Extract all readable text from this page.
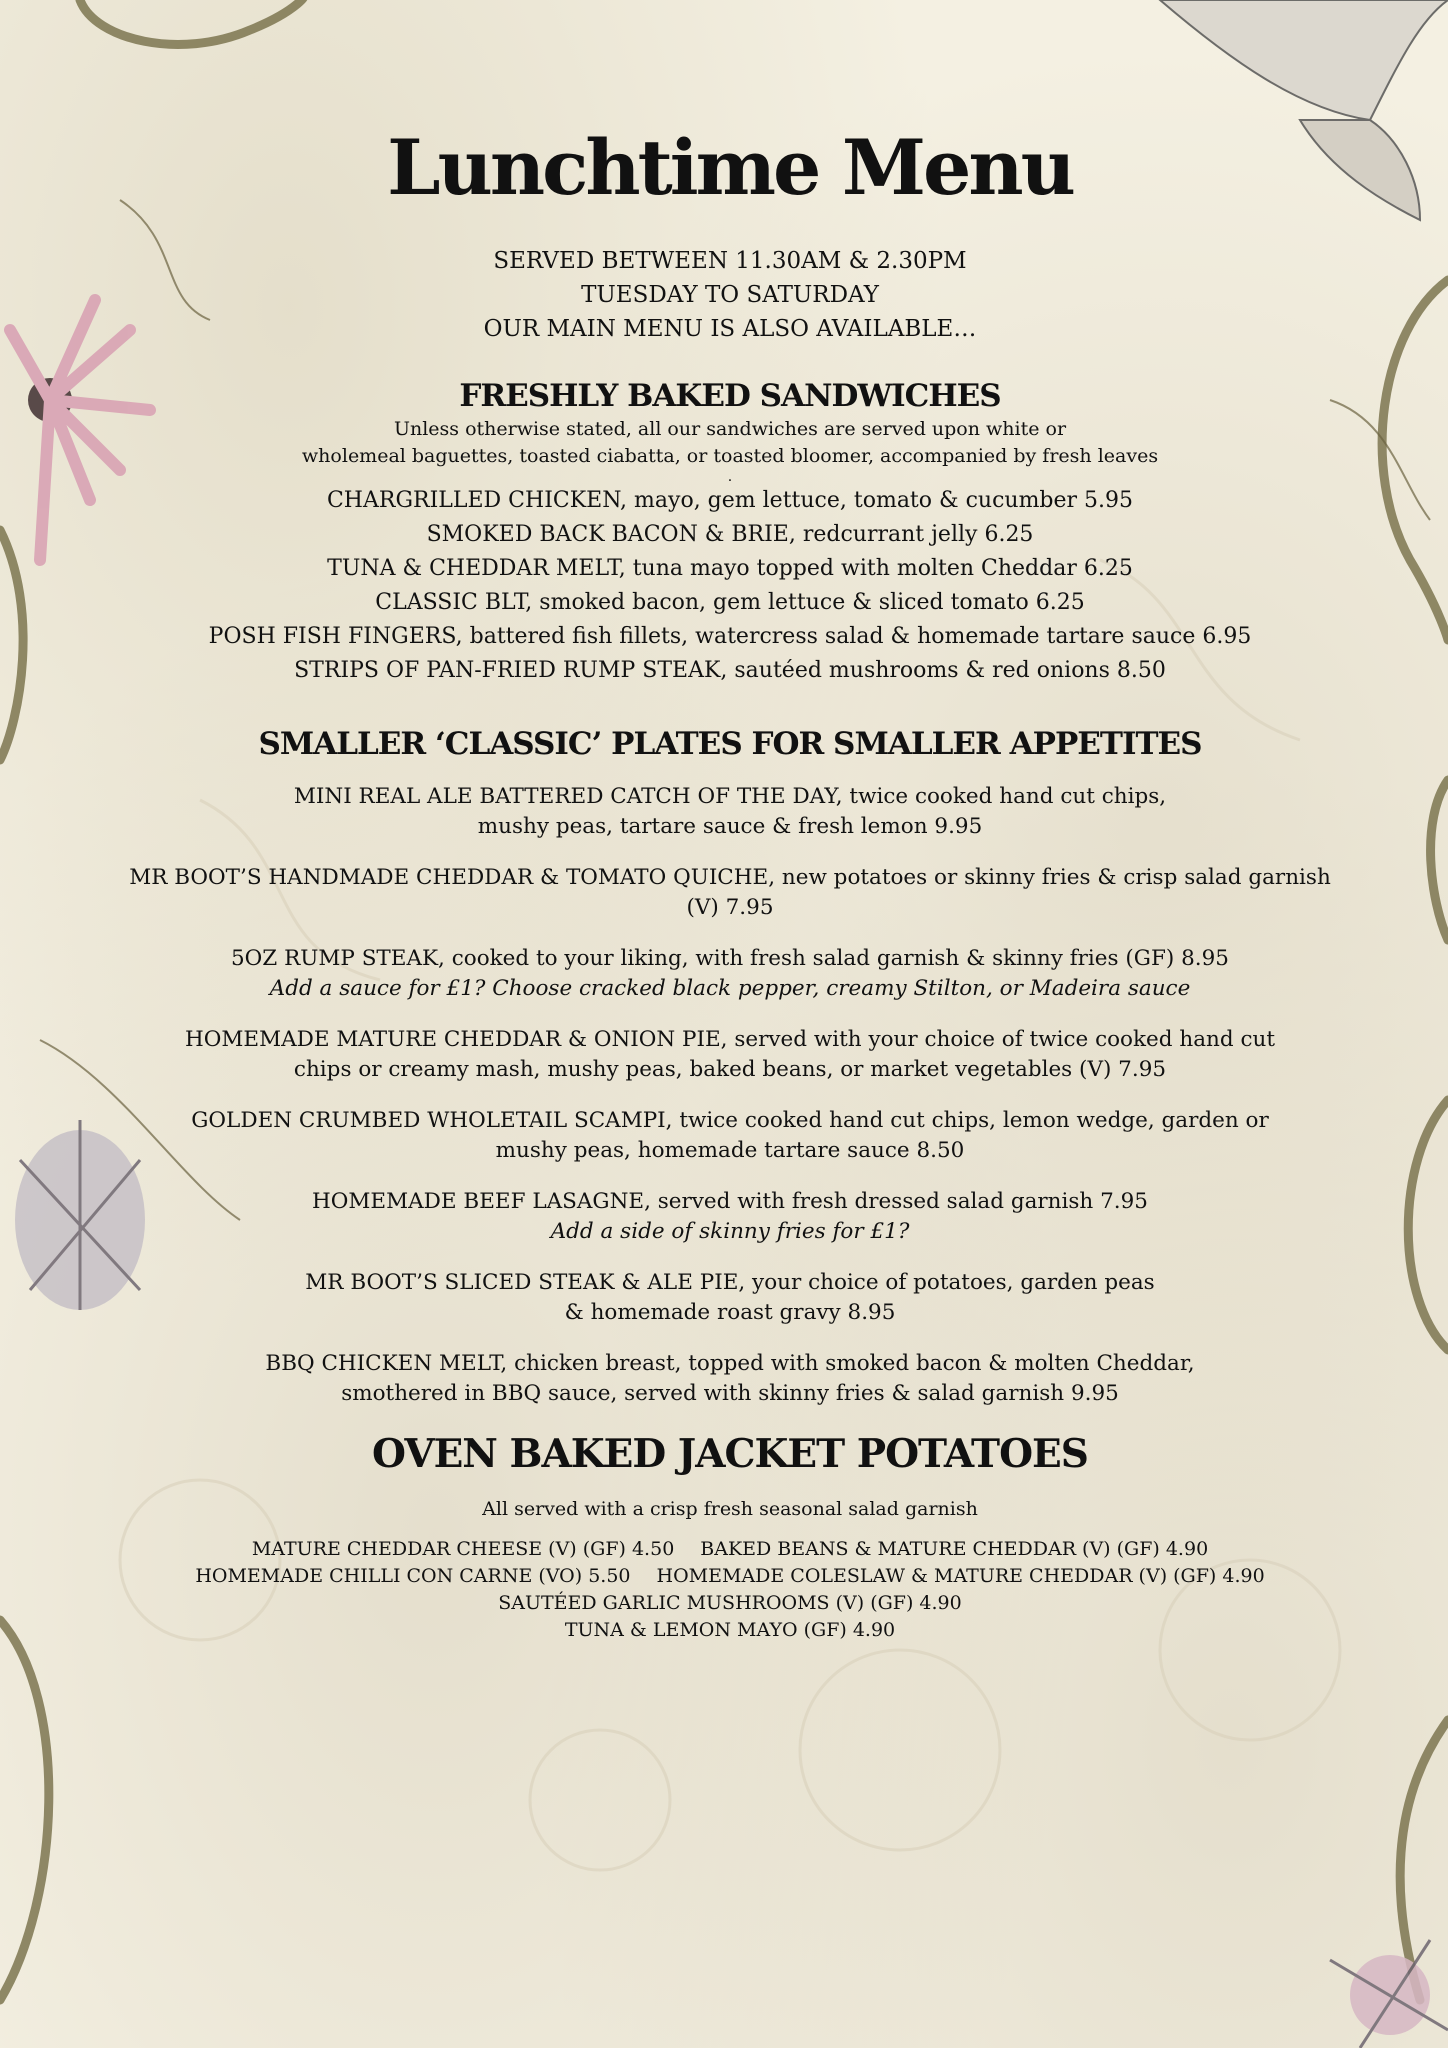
Lunchtime Menu
SERVED BETWEEN 11.30AM & 2.30PM
TUESDAY TO SATURDAY
OUR MAIN MENU IS ALSO AVAILABLE…
FRESHLY BAKED SANDWICHES
Unless otherwise stated, all our sandwiches are served upon white or
wholemeal baguettes, toasted ciabatta, or toasted bloomer, accompanied by fresh leaves
.
CHARGRILLED CHICKEN, mayo, gem lettuce, tomato & cucumber 5.95
SMOKED BACK BACON & BRIE, redcurrant jelly 6.25
TUNA & CHEDDAR MELT, tuna mayo topped with molten Cheddar 6.25
CLASSIC BLT, smoked bacon, gem lettuce & sliced tomato 6.25
POSH FISH FINGERS, battered fish fillets, watercress salad & homemade tartare sauce 6.95
STRIPS OF PAN-FRIED RUMP STEAK, sautéed mushrooms & red onions 8.50
SMALLER ‘CLASSIC’ PLATES FOR SMALLER APPETITES
MINI REAL ALE BATTERED CATCH OF THE DAY, twice cooked hand cut chips,
mushy peas, tartare sauce & fresh lemon 9.95
MR BOOT’S HANDMADE CHEDDAR & TOMATO QUICHE, new potatoes or skinny fries & crisp salad garnish (V) 7.95
5OZ RUMP STEAK, cooked to your liking, with fresh salad garnish & skinny fries (GF) 8.95
Add a sauce for £1? Choose cracked black pepper, creamy Stilton, or Madeira sauce
HOMEMADE MATURE CHEDDAR & ONION PIE, served with your choice of twice cooked hand cut
chips or creamy mash, mushy peas, baked beans, or market vegetables (V) 7.95
GOLDEN CRUMBED WHOLETAIL SCAMPI, twice cooked hand cut chips, lemon wedge, garden or
mushy peas, homemade tartare sauce 8.50
HOMEMADE BEEF LASAGNE, served with fresh dressed salad garnish 7.95
Add a side of skinny fries for £1?
MR BOOT’S SLICED STEAK & ALE PIE, your choice of potatoes, garden peas
& homemade roast gravy 8.95
BBQ CHICKEN MELT, chicken breast, topped with smoked bacon & molten Cheddar,
smothered in BBQ sauce, served with skinny fries & salad garnish 9.95
OVEN BAKED JACKET POTATOES
All served with a crisp fresh seasonal salad garnish
MATURE CHEDDAR CHEESE (V) (GF) 4.50 BAKED BEANS & MATURE CHEDDAR (V) (GF) 4.90
HOMEMADE CHILLI CON CARNE (VO) 5.50 HOMEMADE COLESLAW & MATURE CHEDDAR (V) (GF) 4.90
SAUTÉED GARLIC MUSHROOMS (V) (GF) 4.90
TUNA & LEMON MAYO (GF) 4.90
